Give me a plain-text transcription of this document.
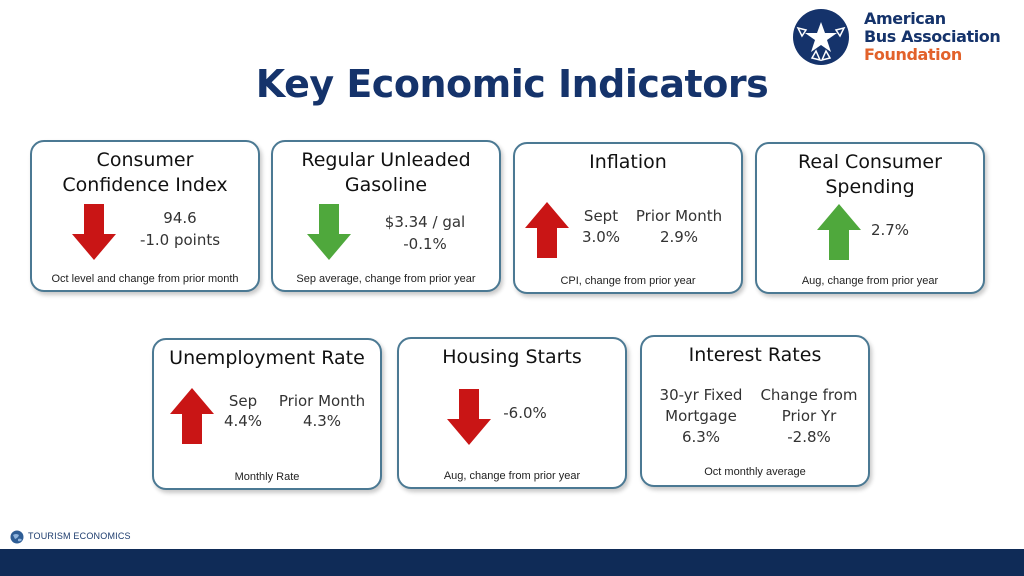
American
Bus Association
Foundation
Key Economic Indicators
Consumer
Confidence Index
94.6
-1.0 points
Oct level and change from prior month
Regular Unleaded
Gasoline
$3.34 / gal
-0.1%
Sep average, change from prior year
Inflation
Sept
3.0%
Prior Month
2.9%
CPI, change from prior year
Real Consumer
Spending
2.7%
Aug, change from prior year
Unemployment Rate
Sep
4.4%
Prior Month
4.3%
Monthly Rate
Housing Starts
-6.0%
Aug, change from prior year
Interest Rates
30-yr Fixed
Mortgage
6.3%
Change from
Prior Yr
-2.8%
Oct monthly average
TOURISM ECONOMICS
